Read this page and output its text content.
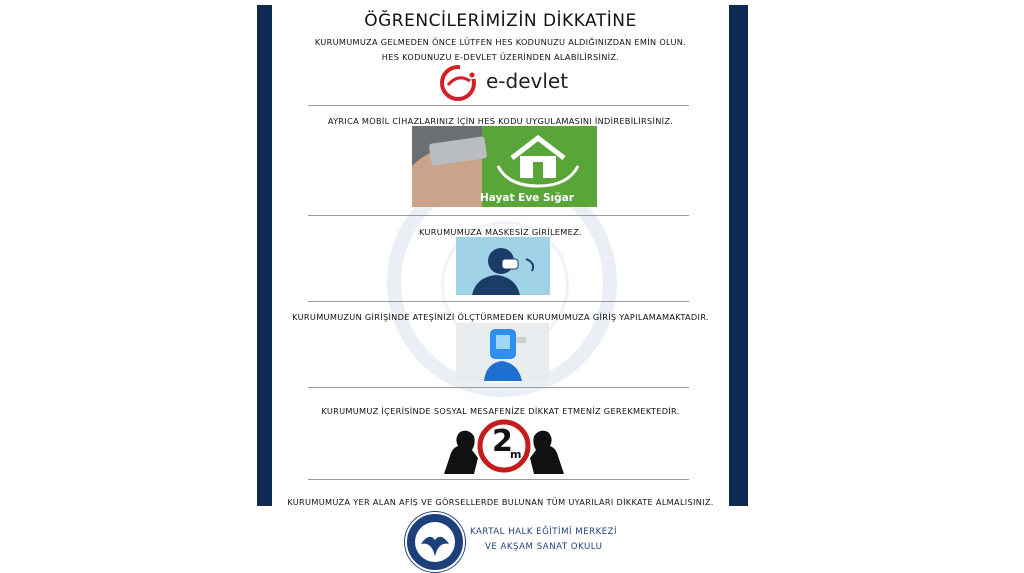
ÖĞRENCİLERİMİZİN DİKKATİNE
KURUMUMUZA GELMEDEN ÖNCE LÜTFEN HES KODUNUZU ALDIĞINIZDAN EMİN OLUN.
HES KODUNUZU E-DEVLET ÜZERİNDEN ALABİLİRSİNİZ.
e-devlet
AYRICA MOBİL CİHAZLARINIZ İÇİN HES KODU UYGULAMASINI İNDİREBİLİRSİNİZ.
Hayat Eve Sığar
KURUMUMUZA MASKESİZ GİRİLEMEZ.
KURUMUMUZUN GİRİŞİNDE ATEŞİNİZİ ÖLÇTÜRMEDEN KURUMUMUZA GİRİŞ YAPILAMAMAKTADIR.
KURUMUMUZ İÇERİSİNDE SOSYAL MESAFENİZE DİKKAT ETMENİZ GEREKMEKTEDİR.
2
m
KURUMUMUZA YER ALAN AFİŞ VE GÖRSELLERDE BULUNAN TÜM UYARILARI DİKKATE ALMALISINIZ.
KARTAL HALK EĞİTİMİ MERKEZİ
VE AKŞAM SANAT OKULU
